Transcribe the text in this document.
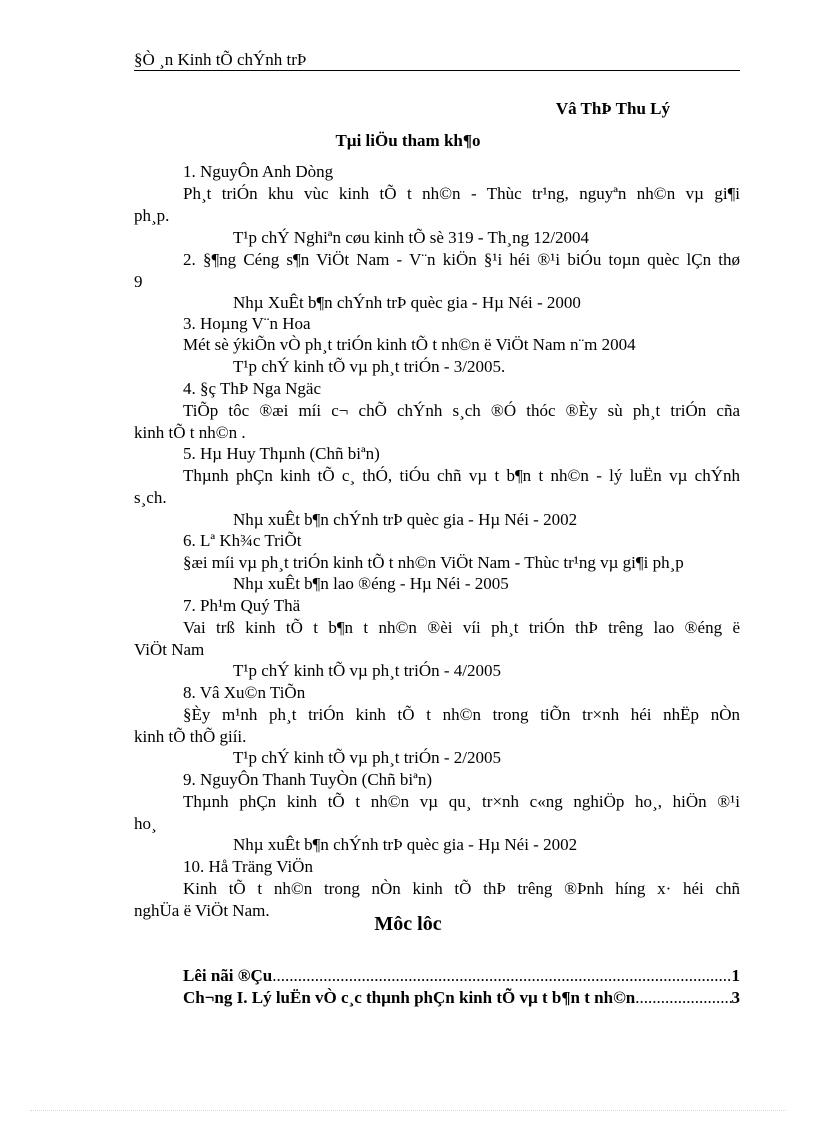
§Ò ¸n Kinh tÕ chÝnh trÞ
Vâ ThÞ Thu Lý
Tµi liÖu tham kh¶o
1. NguyÔn Anh Dòng
Ph¸t triÓn khu vùc kinh tÕ t nh©n - Thùc tr¹ng, nguyªn nh©n vµ gi¶i
ph¸p.
T¹p chÝ Nghiªn cøu kinh tÕ sè 319 - Th¸ng 12/2004
2. §¶ng Céng s¶n ViÖt Nam - V¨n kiÖn §¹i héi ®¹i biÓu toµn quèc lÇn thø
9
Nhµ XuÊt b¶n chÝnh trÞ quèc gia - Hµ Néi - 2000
3. Hoµng V¨n Hoa
Mét sè ýkiÕn vÒ ph¸t triÓn kinh tÕ t nh©n ë ViÖt Nam n¨m 2004
T¹p chÝ kinh tÕ vµ ph¸t triÓn - 3/2005.
4. §ç ThÞ Nga Ngäc
TiÕp tôc ®æi míi c¬ chÕ chÝnh s¸ch ®Ó thóc ®Èy sù ph¸t triÓn cña
kinh tÕ t nh©n .
5. Hµ Huy Thµnh (Chñ biªn)
Thµnh phÇn kinh tÕ c¸ thÓ, tiÓu chñ vµ t b¶n t nh©n - lý luËn vµ chÝnh
s¸ch.
Nhµ xuÊt b¶n chÝnh trÞ quèc gia - Hµ Néi - 2002
6. Lª Kh¾c TriÕt
§æi míi vµ ph¸t triÓn kinh tÕ t nh©n ViÖt Nam - Thùc tr¹ng vµ gi¶i ph¸p
Nhµ xuÊt b¶n lao ®éng - Hµ Néi - 2005
7. Ph¹m Quý Thä
Vai trß kinh tÕ t b¶n t nh©n ®èi víi ph¸t triÓn thÞ trêng lao ®éng ë
ViÖt Nam
T¹p chÝ kinh tÕ vµ ph¸t triÓn - 4/2005
8. Vâ Xu©n TiÕn
§Èy m¹nh ph¸t triÓn kinh tÕ t nh©n trong tiÕn tr×nh héi nhËp nÒn
kinh tÕ thÕ giíi.
T¹p chÝ kinh tÕ vµ ph¸t triÓn - 2/2005
9. NguyÔn Thanh TuyÒn (Chñ biªn)
Thµnh phÇn kinh tÕ t nh©n vµ qu¸ tr×nh c«ng nghiÖp ho¸, hiÖn ®¹i
ho¸
Nhµ xuÊt b¶n chÝnh trÞ quèc gia - Hµ Néi - 2002
10. Hå Träng ViÖn
Kinh tÕ t nh©n trong nÒn kinh tÕ thÞ trêng ®Þnh híng x· héi chñ
nghÜa ë ViÖt Nam.
Môc lôc
Lêi nãi ®Çu .....	1
Ch¬ng I. Lý luËn vÒ c¸c thµnh phÇn kinh tÕ vµ t b¶n t nh©n .....	3
